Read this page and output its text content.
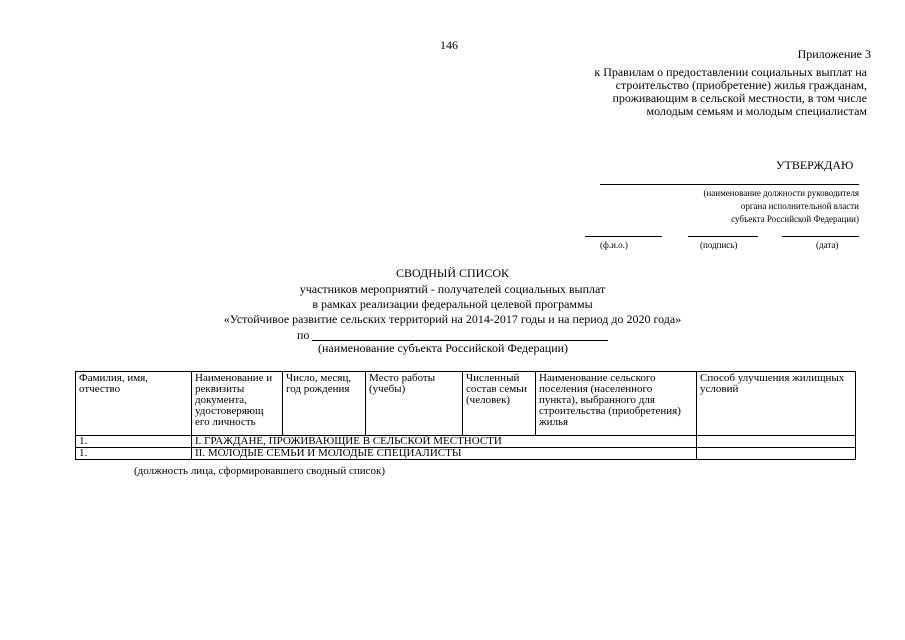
146
Приложение 3
к Правилам о предоставлении социальных выплат на
строительство (приобретение) жилья гражданам,
проживающим в сельской местности, в том числе
молодым семьям и молодым специалистам
УТВЕРЖДАЮ
(наименование должности руководителя
органа исполнительной власти
субъекта Российской Федерации)
(ф.и.о.)	(подпись)	(дата)
СВОДНЫЙ СПИСОК
участников мероприятий - получателей социальных выплат
в рамках реализации федеральной целевой программы
«Устойчивое развитие сельских территорий на 2014-2017 годы и на период до 2020 года»
по
(наименование субъекта Российской Федерации)
Фамилия, имя, отчество	Наименование и реквизиты документа, удостоверяющ его личность	Число, месяц, год рождения	Место работы (учебы)	Численный состав семьи (человек)	Наименование сельского поселения (населенного пункта), выбранного для строительства (приобретения) жилья	Способ улучшения жилищных условий
1.	I. ГРАЖДАНЕ, ПРОЖИВАЮЩИЕ В СЕЛЬСКОЙ МЕСТНОСТИ					
1.	II. МОЛОДЫЕ СЕМЬИ И МОЛОДЫЕ СПЕЦИАЛИСТЫ					
(должность лица, сформировавшего сводный список)
